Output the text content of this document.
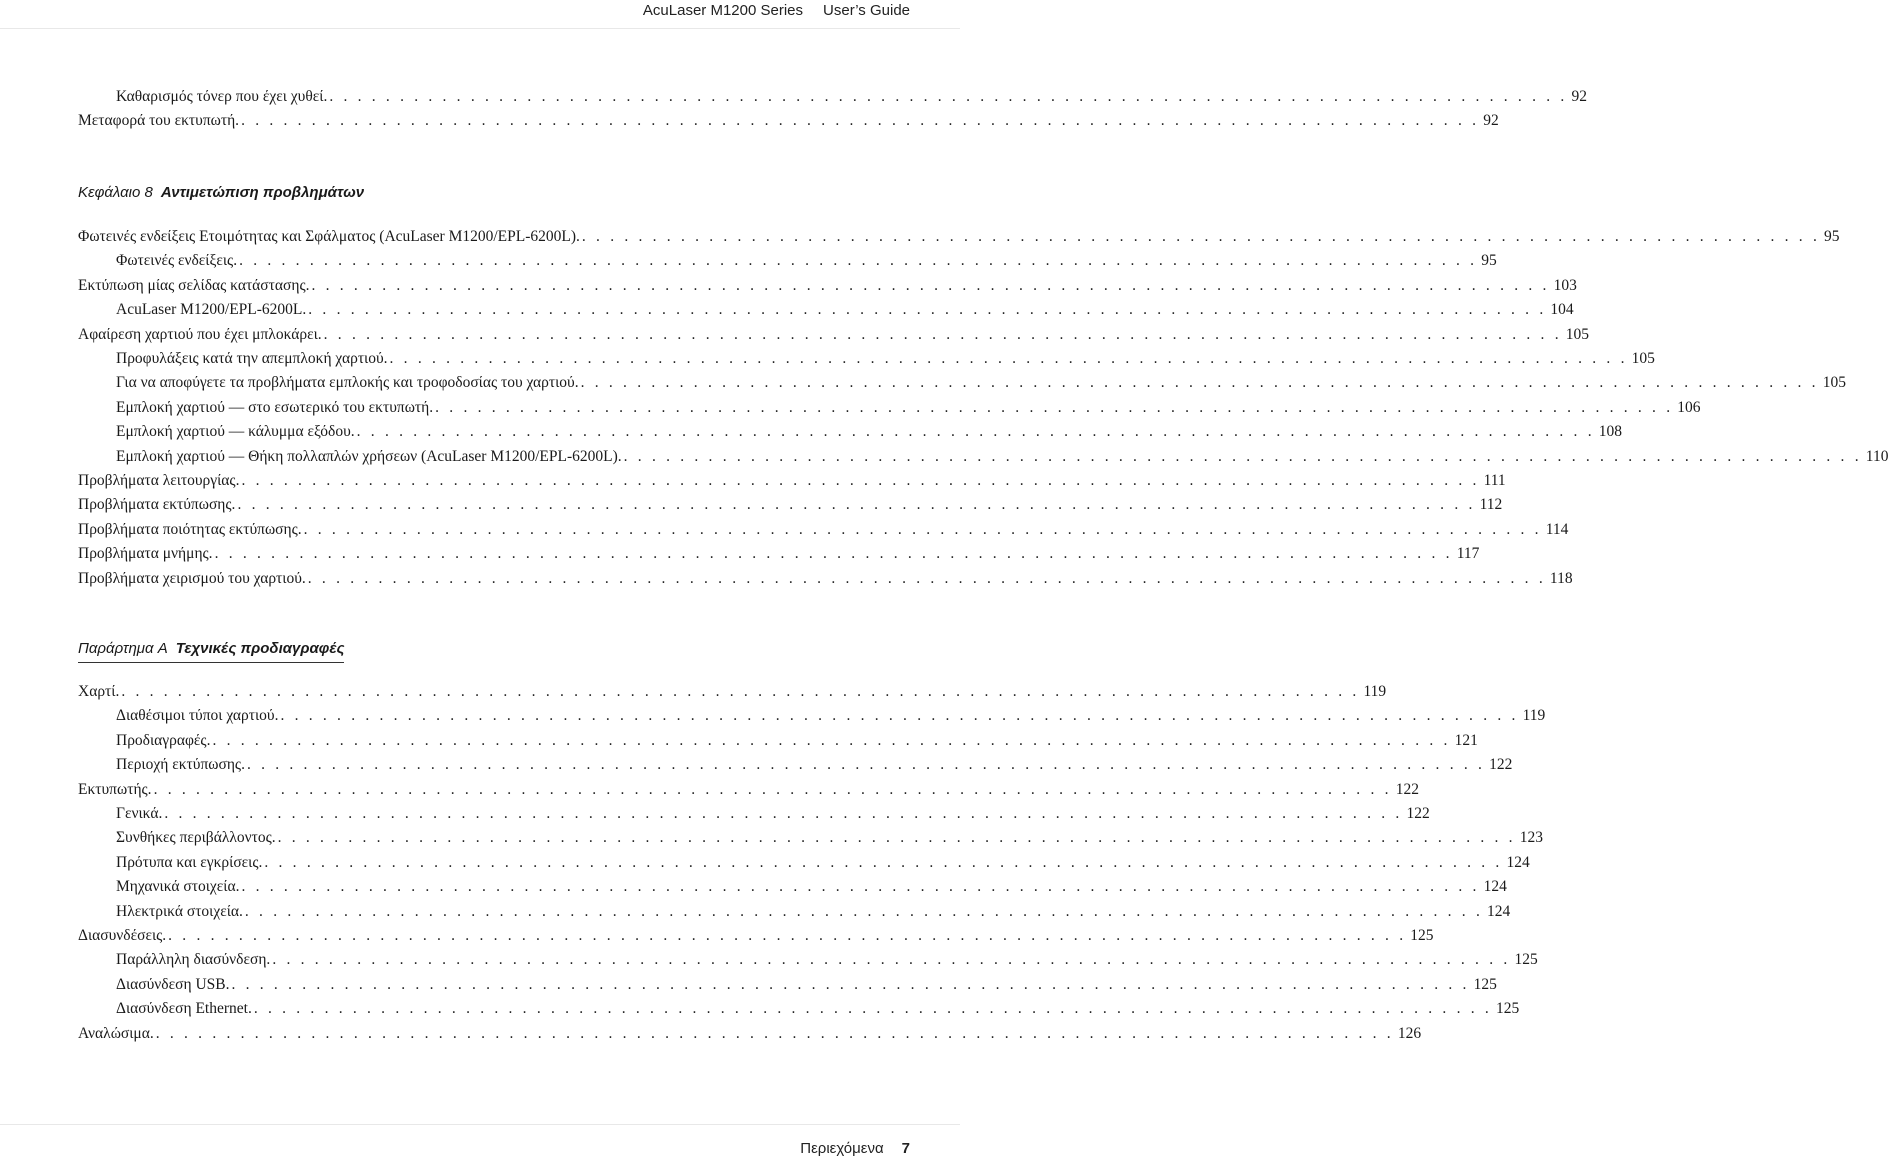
AcuLaser M1200 Series User’s Guide
Κεφάλαιο 8 Αντιμετώπιση προβλημάτων
Παράρτημα A Τεχνικές προδιαγραφές
Καθαρισμός τόνερ που έχει χυθεί. . . . . . . . . . . . . . . . . . . . . . . . . . . . . . . . . . . . . . . . . . . . . . . . . . . . . . . . . . . . . . . . . . . . . . . . . . . . . . . . . . . . . . . . . 92
Μεταφορά του εκτυπωτή. . . . . . . . . . . . . . . . . . . . . . . . . . . . . . . . . . . . . . . . . . . . . . . . . . . . . . . . . . . . . . . . . . . . . . . . . . . . . . . . . . . . . . . . . 92
Φωτεινές ενδείξεις Ετοιμότητας και Σφάλματος (AcuLaser M1200/EPL-6200L). . . . . . . . . . . . . . . . . . . . . . . . . . . . . . . . . . . . . . . . . . . . . . . . . . . . . . . . . . . . . . . . . . . . . . . . . . . . . . . . . . . . . . . . . 95
Φωτεινές ενδείξεις. . . . . . . . . . . . . . . . . . . . . . . . . . . . . . . . . . . . . . . . . . . . . . . . . . . . . . . . . . . . . . . . . . . . . . . . . . . . . . . . . . . . . . . . . 95
Εκτύπωση μίας σελίδας κατάστασης. . . . . . . . . . . . . . . . . . . . . . . . . . . . . . . . . . . . . . . . . . . . . . . . . . . . . . . . . . . . . . . . . . . . . . . . . . . . . . . . . . . . . . . . . 103
AcuLaser M1200/EPL-6200L. . . . . . . . . . . . . . . . . . . . . . . . . . . . . . . . . . . . . . . . . . . . . . . . . . . . . . . . . . . . . . . . . . . . . . . . . . . . . . . . . . . . . . . . . 104
Αφαίρεση χαρτιού που έχει μπλοκάρει. . . . . . . . . . . . . . . . . . . . . . . . . . . . . . . . . . . . . . . . . . . . . . . . . . . . . . . . . . . . . . . . . . . . . . . . . . . . . . . . . . . . . . . . . 105
Προφυλάξεις κατά την απεμπλοκή χαρτιού. . . . . . . . . . . . . . . . . . . . . . . . . . . . . . . . . . . . . . . . . . . . . . . . . . . . . . . . . . . . . . . . . . . . . . . . . . . . . . . . . . . . . . . . . 105
Για να αποφύγετε τα προβλήματα εμπλοκής και τροφοδοσίας του χαρτιού. . . . . . . . . . . . . . . . . . . . . . . . . . . . . . . . . . . . . . . . . . . . . . . . . . . . . . . . . . . . . . . . . . . . . . . . . . . . . . . . . . . . . . . . . 105
Εμπλοκή χαρτιού — στο εσωτερικό του εκτυπωτή. . . . . . . . . . . . . . . . . . . . . . . . . . . . . . . . . . . . . . . . . . . . . . . . . . . . . . . . . . . . . . . . . . . . . . . . . . . . . . . . . . . . . . . . . 106
Εμπλοκή χαρτιού — κάλυμμα εξόδου. . . . . . . . . . . . . . . . . . . . . . . . . . . . . . . . . . . . . . . . . . . . . . . . . . . . . . . . . . . . . . . . . . . . . . . . . . . . . . . . . . . . . . . . . 108
Εμπλοκή χαρτιού — Θήκη πολλαπλών χρήσεων (AcuLaser M1200/EPL-6200L). . . . . . . . . . . . . . . . . . . . . . . . . . . . . . . . . . . . . . . . . . . . . . . . . . . . . . . . . . . . . . . . . . . . . . . . . . . . . . . . . . . . . . . . . 110
Προβλήματα λειτουργίας. . . . . . . . . . . . . . . . . . . . . . . . . . . . . . . . . . . . . . . . . . . . . . . . . . . . . . . . . . . . . . . . . . . . . . . . . . . . . . . . . . . . . . . . . 111
Προβλήματα εκτύπωσης. . . . . . . . . . . . . . . . . . . . . . . . . . . . . . . . . . . . . . . . . . . . . . . . . . . . . . . . . . . . . . . . . . . . . . . . . . . . . . . . . . . . . . . . . 112
Προβλήματα ποιότητας εκτύπωσης. . . . . . . . . . . . . . . . . . . . . . . . . . . . . . . . . . . . . . . . . . . . . . . . . . . . . . . . . . . . . . . . . . . . . . . . . . . . . . . . . . . . . . . . . 114
Προβλήματα μνήμης. . . . . . . . . . . . . . . . . . . . . . . . . . . . . . . . . . . . . . . . . . . . . . . . . . . . . . . . . . . . . . . . . . . . . . . . . . . . . . . . . . . . . . . . . 117
Προβλήματα χειρισμού του χαρτιού. . . . . . . . . . . . . . . . . . . . . . . . . . . . . . . . . . . . . . . . . . . . . . . . . . . . . . . . . . . . . . . . . . . . . . . . . . . . . . . . . . . . . . . . . 118
Χαρτί. . . . . . . . . . . . . . . . . . . . . . . . . . . . . . . . . . . . . . . . . . . . . . . . . . . . . . . . . . . . . . . . . . . . . . . . . . . . . . . . . . . . . . . . . 119
Διαθέσιμοι τύποι χαρτιού. . . . . . . . . . . . . . . . . . . . . . . . . . . . . . . . . . . . . . . . . . . . . . . . . . . . . . . . . . . . . . . . . . . . . . . . . . . . . . . . . . . . . . . . . 119
Προδιαγραφές. . . . . . . . . . . . . . . . . . . . . . . . . . . . . . . . . . . . . . . . . . . . . . . . . . . . . . . . . . . . . . . . . . . . . . . . . . . . . . . . . . . . . . . . . 121
Περιοχή εκτύπωσης. . . . . . . . . . . . . . . . . . . . . . . . . . . . . . . . . . . . . . . . . . . . . . . . . . . . . . . . . . . . . . . . . . . . . . . . . . . . . . . . . . . . . . . . . 122
Εκτυπωτής. . . . . . . . . . . . . . . . . . . . . . . . . . . . . . . . . . . . . . . . . . . . . . . . . . . . . . . . . . . . . . . . . . . . . . . . . . . . . . . . . . . . . . . . . 122
Γενικά. . . . . . . . . . . . . . . . . . . . . . . . . . . . . . . . . . . . . . . . . . . . . . . . . . . . . . . . . . . . . . . . . . . . . . . . . . . . . . . . . . . . . . . . . 122
Συνθήκες περιβάλλοντος. . . . . . . . . . . . . . . . . . . . . . . . . . . . . . . . . . . . . . . . . . . . . . . . . . . . . . . . . . . . . . . . . . . . . . . . . . . . . . . . . . . . . . . . . 123
Πρότυπα και εγκρίσεις. . . . . . . . . . . . . . . . . . . . . . . . . . . . . . . . . . . . . . . . . . . . . . . . . . . . . . . . . . . . . . . . . . . . . . . . . . . . . . . . . . . . . . . . . 124
Μηχανικά στοιχεία. . . . . . . . . . . . . . . . . . . . . . . . . . . . . . . . . . . . . . . . . . . . . . . . . . . . . . . . . . . . . . . . . . . . . . . . . . . . . . . . . . . . . . . . . 124
Ηλεκτρικά στοιχεία. . . . . . . . . . . . . . . . . . . . . . . . . . . . . . . . . . . . . . . . . . . . . . . . . . . . . . . . . . . . . . . . . . . . . . . . . . . . . . . . . . . . . . . . . 124
Διασυνδέσεις. . . . . . . . . . . . . . . . . . . . . . . . . . . . . . . . . . . . . . . . . . . . . . . . . . . . . . . . . . . . . . . . . . . . . . . . . . . . . . . . . . . . . . . . . 125
Παράλληλη διασύνδεση. . . . . . . . . . . . . . . . . . . . . . . . . . . . . . . . . . . . . . . . . . . . . . . . . . . . . . . . . . . . . . . . . . . . . . . . . . . . . . . . . . . . . . . . . 125
Διασύνδεση USB. . . . . . . . . . . . . . . . . . . . . . . . . . . . . . . . . . . . . . . . . . . . . . . . . . . . . . . . . . . . . . . . . . . . . . . . . . . . . . . . . . . . . . . . . 125
Διασύνδεση Ethernet. . . . . . . . . . . . . . . . . . . . . . . . . . . . . . . . . . . . . . . . . . . . . . . . . . . . . . . . . . . . . . . . . . . . . . . . . . . . . . . . . . . . . . . . . 125
Αναλώσιμα. . . . . . . . . . . . . . . . . . . . . . . . . . . . . . . . . . . . . . . . . . . . . . . . . . . . . . . . . . . . . . . . . . . . . . . . . . . . . . . . . . . . . . . . . 126
Περιεχόμενα 7
